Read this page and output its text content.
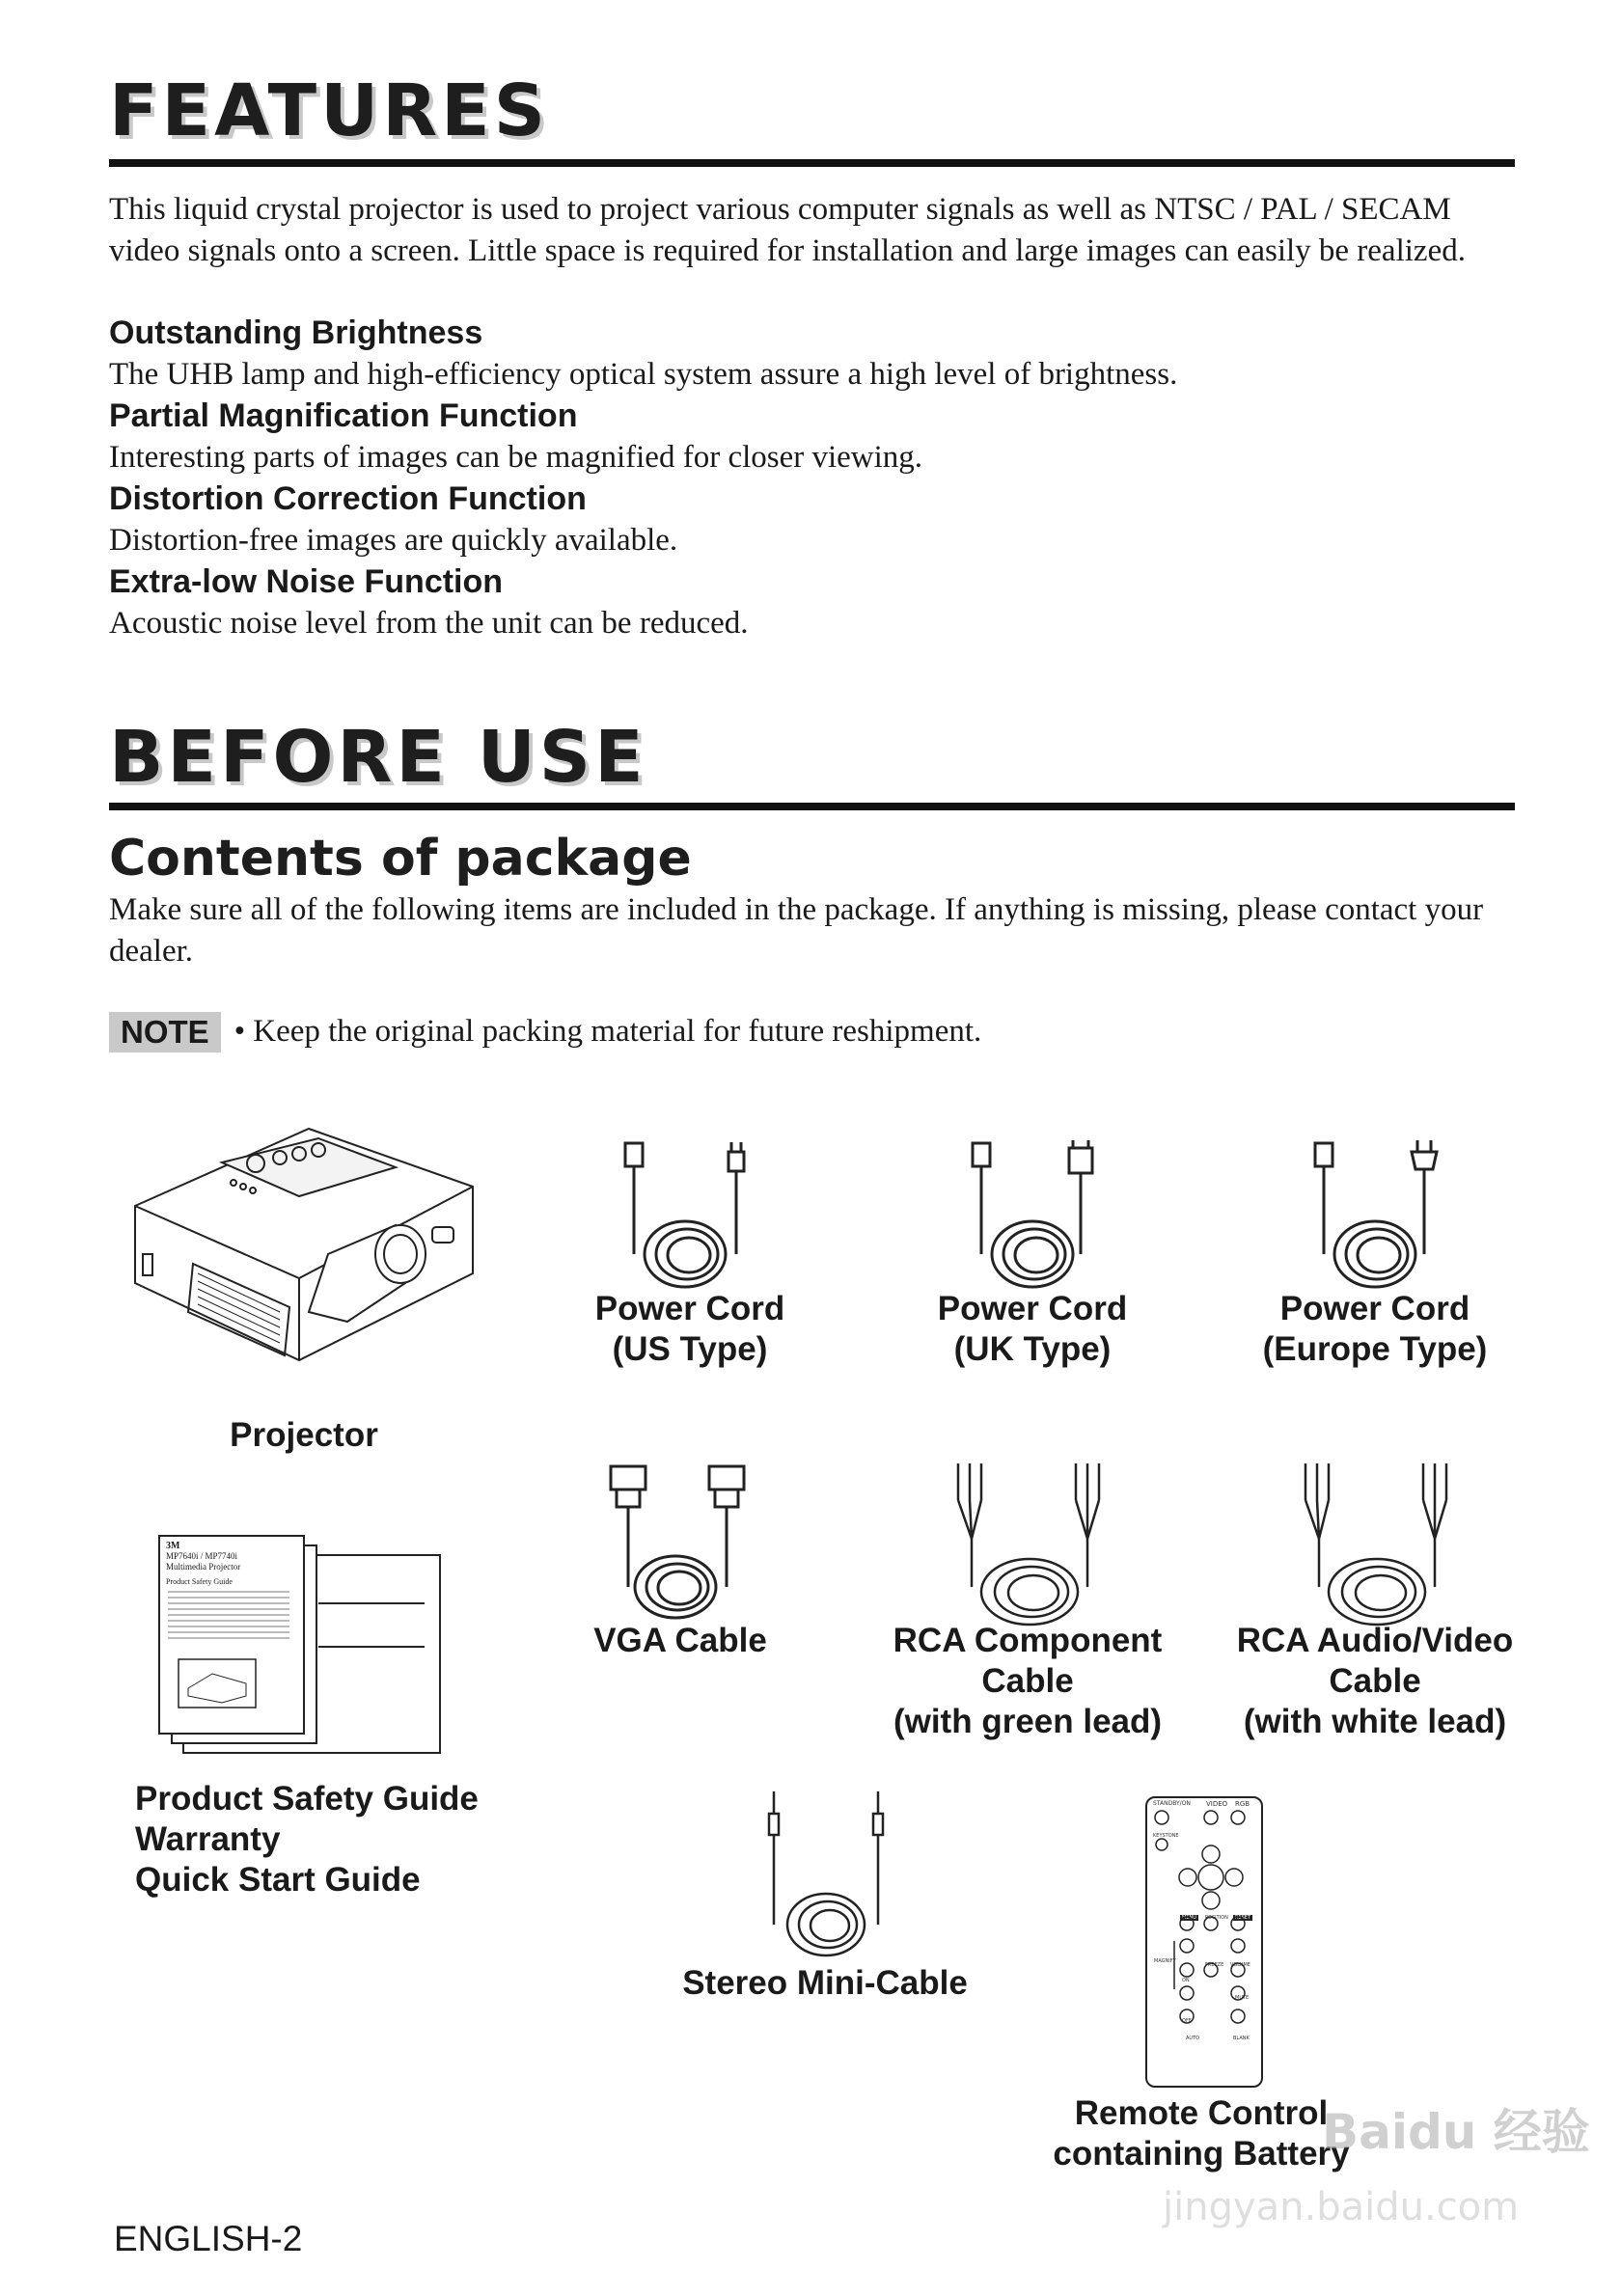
FEATURES
This liquid crystal projector is used to project various computer signals as well as NTSC / PAL / SECAM video signals onto a screen. Little space is required for installation and large images can easily be realized.
Outstanding Brightness
The UHB lamp and high-efficiency optical system assure a high level of brightness.
Partial Magnification Function
Interesting parts of images can be magnified for closer viewing.
Distortion Correction Function
Distortion-free images are quickly available.
Extra-low Noise Function
Acoustic noise level from the unit can be reduced.
BEFORE USE
Contents of package
Make sure all of the following items are included in the package. If anything is missing, please contact your dealer.
NOTE • Keep the original packing material for future reshipment.
Projector
Power Cord
(US Type)
Power Cord
(UK Type)
Power Cord
(Europe Type)
3M
MP7640i / MP7740i
Multimedia Projector
Product Safety Guide
Product Safety Guide
Warranty
Quick Start Guide
VGA Cable	RCA Component
Cable
(with green lead)
RCA Audio/Video
Cable
(with white lead)
Stereo Mini-Cable
STANDBY/ON VIDEO RGB
KEYSTONE
MENU	POSITION	RESET
MAGNIFY
FREEZE VOLUME
MUTE
ON
OFF
AUTO	BLANK
Remote Control
containing Battery
Baidu 经验
jingyan.baidu.com
ENGLISH-2
